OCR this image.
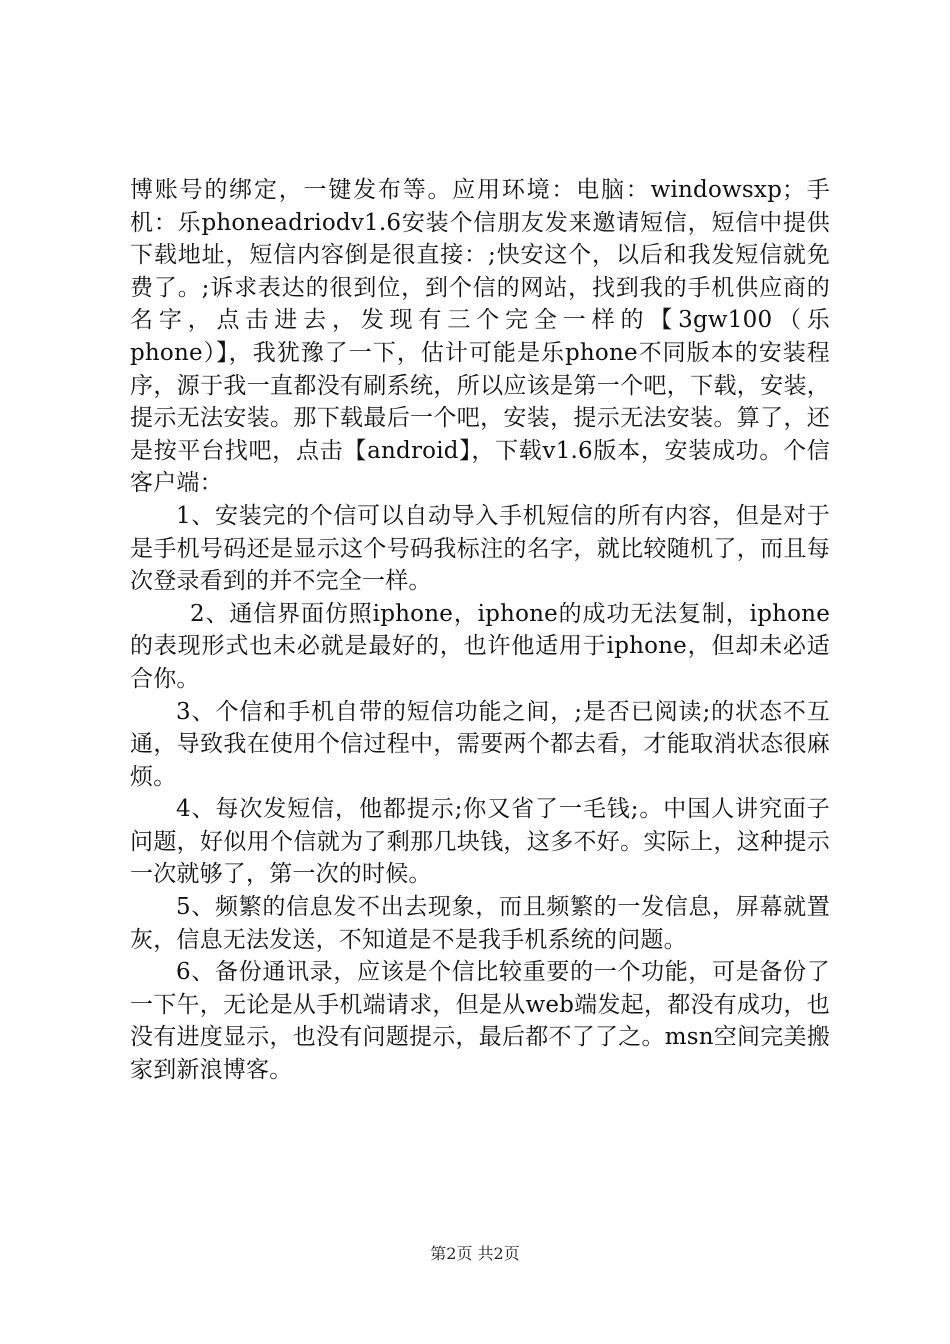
博账号的绑定，一键发布等。应用环境：电脑：windowsxp；手机：乐phoneadriodv1.6安装个信朋友发来邀请短信，短信中提供下载地址，短信内容倒是很直接：;快安这个，以后和我发短信就免费了。;诉求表达的很到位，到个信的网站，找到我的手机供应商的名字，点击进去，发现有三个完全一样的【3gw100（乐phone）】，我犹豫了一下，估计可能是乐phone不同版本的安装程序，源于我一直都没有刷系统，所以应该是第一个吧，下载，安装，提示无法安装。那下载最后一个吧，安装，提示无法安装。算了，还是按平台找吧，点击【android】，下载v1.6版本，安装成功。个信客户端：

1、安装完的个信可以自动导入手机短信的所有内容，但是对于是手机号码还是显示这个号码我标注的名字，就比较随机了，而且每次登录看到的并不完全一样。

2、通信界面仿照iphone，iphone的成功无法复制，iphone的表现形式也未必就是最好的，也许他适用于iphone，但却未必适合你。

3、个信和手机自带的短信功能之间，;是否已阅读;的状态不互通，导致我在使用个信过程中，需要两个都去看，才能取消状态很麻烦。

4、每次发短信，他都提示;你又省了一毛钱;。中国人讲究面子问题，好似用个信就为了剩那几块钱，这多不好。实际上，这种提示一次就够了，第一次的时候。

5、频繁的信息发不出去现象，而且频繁的一发信息，屏幕就置灰，信息无法发送，不知道是不是我手机系统的问题。

6、备份通讯录，应该是个信比较重要的一个功能，可是备份了一下午，无论是从手机端请求，但是从web端发起，都没有成功，也没有进度显示，也没有问题提示，最后都不了了之。msn空间完美搬家到新浪博客。

第2页 共2页
